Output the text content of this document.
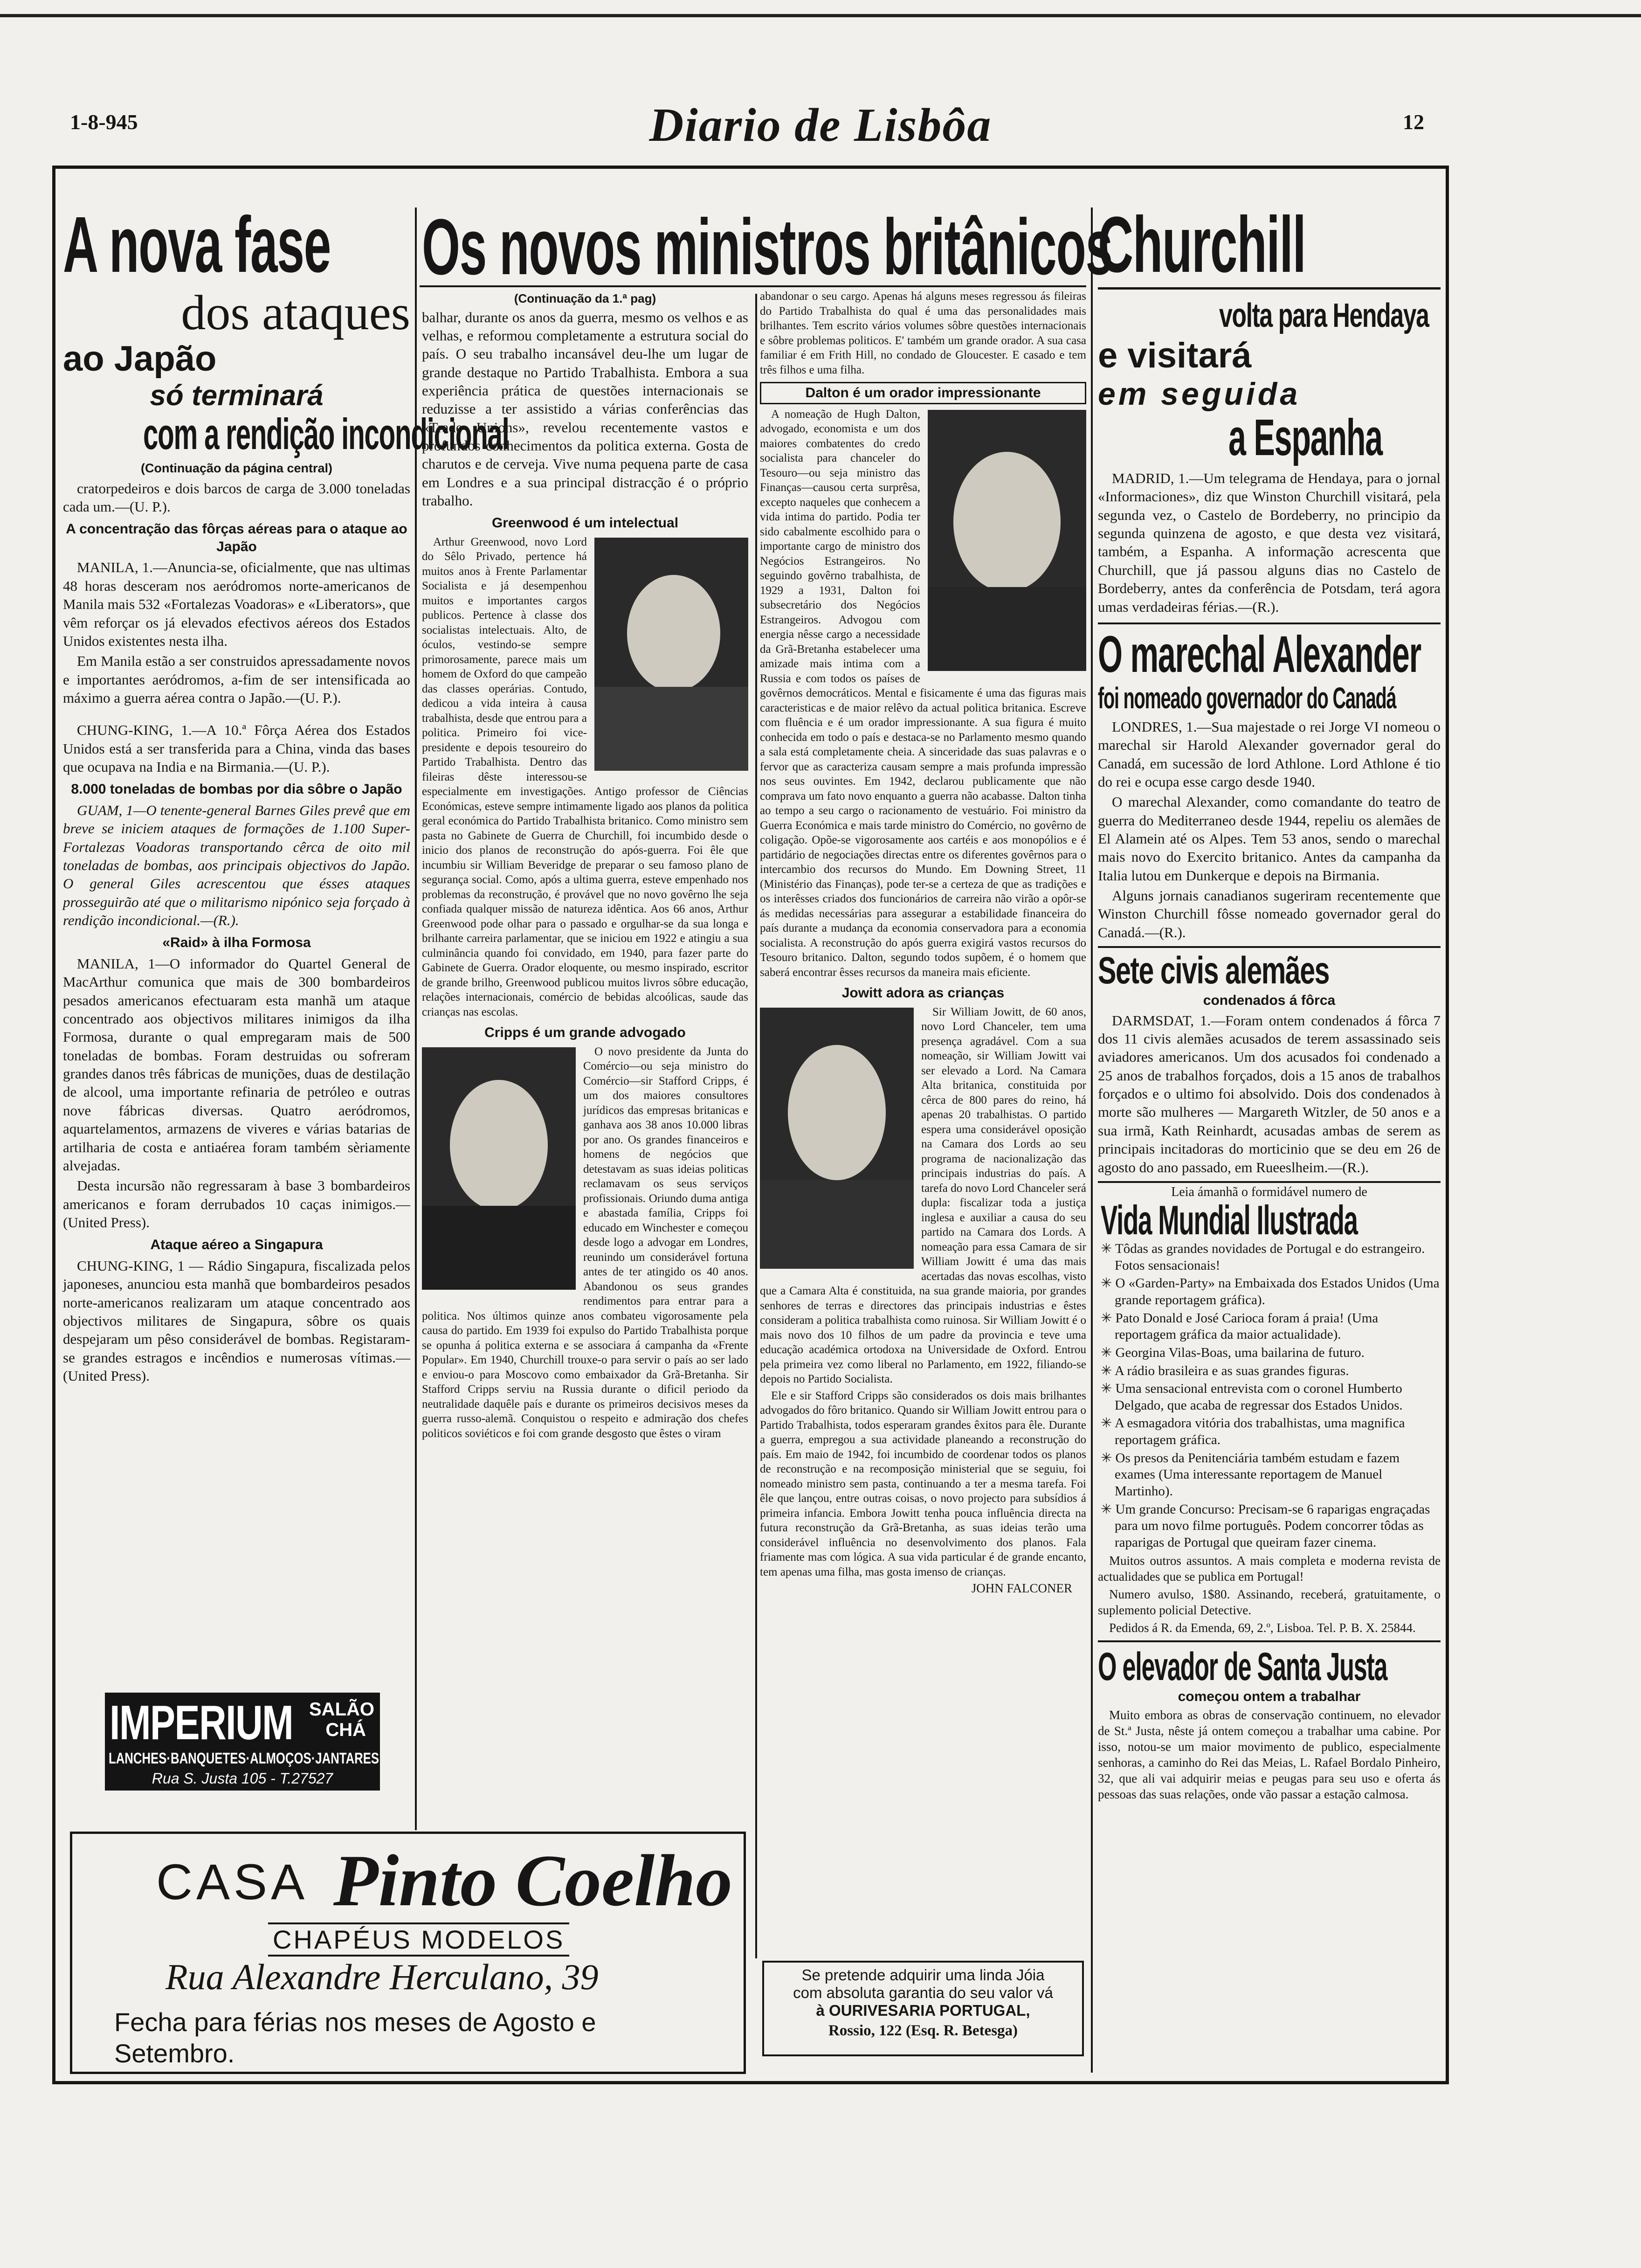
1-8-945	Diario de Lisbôa	12
A nova fase
dos ataques
ao Japão
só terminará
com a rendição incondicional
(Continuação da página central)

cratorpedeiros e dois barcos de carga de 3.000 toneladas cada um.—(U. P.).

A concentração das fôrças aéreas para o ataque ao Japão

MANILA, 1.—Anuncia-se, oficialmente, que nas ultimas 48 horas desceram nos aeródromos norte-americanos de Manila mais 532 «Fortalezas Voadoras» e «Liberators», que vêm reforçar os já elevados efectivos aéreos dos Estados Unidos existentes nesta ilha.

Em Manila estão a ser construidos apressadamente novos e importantes aeródromos, a-fim de ser intensificada ao máximo a guerra aérea contra o Japão.—(U. P.).

CHUNG-KING, 1.—A 10.ª Fôrça Aérea dos Estados Unidos está a ser transferida para a China, vinda das bases que ocupava na India e na Birmania.—(U. P.).

8.000 toneladas de bombas por dia sôbre o Japão

GUAM, 1—O tenente-general Barnes Giles prevê que em breve se iniciem ataques de formações de 1.100 Super-Fortalezas Voadoras transportando cêrca de oito mil toneladas de bombas, aos principais objectivos do Japão. O general Giles acrescentou que ésses ataques prosseguirão até que o militarismo nipónico seja forçado à rendição incondicional.—(R.).

«Raid» à ilha Formosa

MANILA, 1—O informador do Quartel General de MacArthur comunica que mais de 300 bombardeiros pesados americanos efectuaram esta manhã um ataque concentrado aos objectivos militares inimigos da ilha Formosa, durante o qual empregaram mais de 500 toneladas de bombas. Foram destruidas ou sofreram grandes danos três fábricas de munições, duas de destilação de alcool, uma importante refinaria de petróleo e outras nove fábricas diversas. Quatro aeródromos, aquartelamentos, armazens de viveres e várias batarias de artilharia de costa e antiaérea foram também sèriamente alvejadas.

Desta incursão não regressaram à base 3 bombardeiros americanos e foram derrubados 10 caças inimigos.—(United Press).

Ataque aéreo a Singapura

CHUNG-KING, 1 — Rádio Singapura, fiscalizada pelos japoneses, anunciou esta manhã que bombardeiros pesados norte-americanos realizaram um ataque concentrado aos objectivos militares de Singapura, sôbre os quais despejaram um pêso considerável de bombas. Registaram-se grandes estragos e incêndios e numerosas vítimas.—(United Press).

IMPERIUM SALÃO
CHÁ
LANCHES·BANQUETES·ALMOÇOS·JANTARES
Rua S. Justa 105 - T.27527
CASA Pinto Coelho
CHAPÉUS MODELOS
Rua Alexandre Herculano, 39
Fecha para férias nos meses de Agosto e Setembro.
Os novos ministros britânicos
(Continuação da 1.ª pag)

balhar, durante os anos da guerra, mesmo os velhos e as velhas, e reformou completamente a estrutura social do país. O seu trabalho incansável deu-lhe um lugar de grande destaque no Partido Trabalhista. Embora a sua experiência prática de questões internacionais se reduzisse a ter assistido a várias conferências das «Trade Unions», revelou recentemente vastos e profundos conhecimentos da politica externa. Gosta de charutos e de cerveja. Vive numa pequena parte de casa em Londres e a sua principal distracção é o próprio trabalho.

Greenwood é um intelectual

Arthur Greenwood, novo Lord do Sêlo Privado, pertence há muitos anos à Frente Parlamentar Socialista e já desempenhou muitos e importantes cargos publicos. Pertence à classe dos socialistas intelectuais. Alto, de óculos, vestindo-se sempre primorosamente, parece mais um homem de Oxford do que campeão das classes operárias. Contudo, dedicou a vida inteira à causa trabalhista, desde que entrou para a politica. Primeiro foi vice-presidente e depois tesoureiro do Partido Trabalhista. Dentro das fileiras dêste interessou-se especialmente em investigações. Antigo professor de Ciências Económicas, esteve sempre intimamente ligado aos planos da politica geral económica do Partido Trabalhista britanico. Como ministro sem pasta no Gabinete de Guerra de Churchill, foi incumbido desde o inicio dos planos de reconstrução do após-guerra. Foi êle que incumbiu sir William Beveridge de preparar o seu famoso plano de segurança social. Como, após a ultima guerra, esteve empenhado nos problemas da reconstrução, é provável que no novo govêrno lhe seja confiada qualquer missão de natureza idêntica. Aos 66 anos, Arthur Greenwood pode olhar para o passado e orgulhar-se da sua longa e brilhante carreira parlamentar, que se iniciou em 1922 e atingiu a sua culminância quando foi convidado, em 1940, para fazer parte do Gabinete de Guerra. Orador eloquente, ou mesmo inspirado, escritor de grande brilho, Greenwood publicou muitos livros sôbre educação, relações internacionais, comércio de bebidas alcoólicas, saude das crianças nas escolas.

Cripps é um grande advogado

O novo presidente da Junta do Comércio—ou seja ministro do Comércio—sir Stafford Cripps, é um dos maiores consultores jurídicos das empresas britanicas e ganhava aos 38 anos 10.000 libras por ano. Os grandes financeiros e homens de negócios que detestavam as suas ideias politicas reclamavam os seus serviços profissionais. Oriundo duma antiga e abastada família, Cripps foi educado em Winchester e começou desde logo a advogar em Londres, reunindo um considerável fortuna antes de ter atingido os 40 anos. Abandonou os seus grandes rendimentos para entrar para a politica. Nos últimos quinze anos combateu vigorosamente pela causa do partido. Em 1939 foi expulso do Partido Trabalhista porque se opunha á politica externa e se associara á campanha da «Frente Popular». Em 1940, Churchill trouxe-o para servir o país ao ser lado e enviou-o para Moscovo como embaixador da Grã-Bretanha. Sir Stafford Cripps serviu na Russia durante o dificil periodo da neutralidade daquêle país e durante os primeiros decisivos meses da guerra russo-alemã. Conquistou o respeito e admiração dos chefes politicos soviéticos e foi com grande desgosto que êstes o viram

abandonar o seu cargo. Apenas há alguns meses regressou ás fileiras do Partido Trabalhista do qual é uma das personalidades mais brilhantes. Tem escrito vários volumes sôbre questões internacionais e sôbre problemas politicos. E' também um grande orador. A sua casa familiar é em Frith Hill, no condado de Gloucester. E casado e tem três filhos e uma filha.

Dalton é um orador impressionante

A nomeação de Hugh Dalton, advogado, economista e um dos maiores combatentes do credo socialista para chanceler do Tesouro—ou seja ministro das Finanças—causou certa surprêsa, excepto naqueles que conhecem a vida intima do partido. Podia ter sido cabalmente escolhido para o importante cargo de ministro dos Negócios Estrangeiros. No seguindo govêrno trabalhista, de 1929 a 1931, Dalton foi subsecretário dos Negócios Estrangeiros. Advogou com energia nêsse cargo a necessidade da Grã-Bretanha estabelecer uma amizade mais intima com a Russia e com todos os países de govêrnos democráticos. Mental e fisicamente é uma das figuras mais caracteristicas e de maior relêvo da actual politica britanica. Escreve com fluência e é um orador impressionante. A sua figura é muito conhecida em todo o país e destaca-se no Parlamento mesmo quando a sala está completamente cheia. A sinceridade das suas palavras e o fervor que as caracteriza causam sempre a mais profunda impressão nos seus ouvintes. Em 1942, declarou publicamente que não comprava um fato novo enquanto a guerra não acabasse. Dalton tinha ao tempo a seu cargo o racionamento de vestuário. Foi ministro da Guerra Económica e mais tarde ministro do Comércio, no govêrno de coligação. Opõe-se vigorosamente aos cartéis e aos monopólios e é partidário de negociações directas entre os diferentes govêrnos para o intercambio dos recursos do Mundo. Em Downing Street, 11 (Ministério das Finanças), pode ter-se a certeza de que as tradições e os interêsses criados dos funcionários de carreira não virão a opôr-se ás medidas necessárias para assegurar a estabilidade financeira do país durante a mudança da economia conservadora para a economia socialista. A reconstrução do após guerra exigirá vastos recursos do Tesouro britanico. Dalton, segundo todos supõem, é o homem que saberá encontrar êsses recursos da maneira mais eficiente.

Jowitt adora as crianças

Sir William Jowitt, de 60 anos, novo Lord Chanceler, tem uma presença agradável. Com a sua nomeação, sir William Jowitt vai ser elevado a Lord. Na Camara Alta britanica, constituida por cêrca de 800 pares do reino, há apenas 20 trabalhistas. O partido espera uma considerável oposição na Camara dos Lords ao seu programa de nacionalização das principais industrias do país. A tarefa do novo Lord Chanceler será dupla: fiscalizar toda a justiça inglesa e auxiliar a causa do seu partido na Camara dos Lords. A nomeação para essa Camara de sir William Jowitt é uma das mais acertadas das novas escolhas, visto que a Camara Alta é constituida, na sua grande maioria, por grandes senhores de terras e directores das principais industrias e êstes consideram a politica trabalhista como ruinosa. Sir William Jowitt é o mais novo dos 10 filhos de um padre da provincia e teve uma educação académica ortodoxa na Universidade de Oxford. Entrou pela primeira vez como liberal no Parlamento, em 1922, filiando-se depois no Partido Socialista.

Ele e sir Stafford Cripps são considerados os dois mais brilhantes advogados do fôro britanico. Quando sir William Jowitt entrou para o Partido Trabalhista, todos esperaram grandes êxitos para êle. Durante a guerra, empregou a sua actividade planeando a reconstrução do país. Em maio de 1942, foi incumbido de coordenar todos os planos de reconstrução e na recomposição ministerial que se seguiu, foi nomeado ministro sem pasta, continuando a ter a mesma tarefa. Foi êle que lançou, entre outras coisas, o novo projecto para subsídios á primeira infancia. Embora Jowitt tenha pouca influência directa na futura reconstrução da Grã-Bretanha, as suas ideias terão uma considerável influência no desenvolvimento dos planos. Fala friamente mas com lógica. A sua vida particular é de grande encanto, tem apenas uma filha, mas gosta imenso de crianças.

JOHN FALCONER
Se pretende adquirir uma linda Jóia
com absoluta garantia do seu valor vá
à OURIVESARIA PORTUGAL,
Rossio, 122 (Esq. R. Betesga)
Churchill
volta para Hendaya
e visitará
em seguida
a Espanha

MADRID, 1.—Um telegrama de Hendaya, para o jornal «Informaciones», diz que Winston Churchill visitará, pela segunda vez, o Castelo de Bordeberry, no principio da segunda quinzena de agosto, e que desta vez visitará, também, a Espanha. A informação acrescenta que Churchill, que já passou alguns dias no Castelo de Bordeberry, antes da conferência de Potsdam, terá agora umas verdadeiras férias.—(R.).

O marechal Alexander
foi nomeado governador do Canadá

LONDRES, 1.—Sua majestade o rei Jorge VI nomeou o marechal sir Harold Alexander governador geral do Canadá, em sucessão de lord Athlone. Lord Athlone é tio do rei e ocupa esse cargo desde 1940.

O marechal Alexander, como comandante do teatro de guerra do Mediterraneo desde 1944, repeliu os alemães de El Alamein até os Alpes. Tem 53 anos, sendo o marechal mais novo do Exercito britanico. Antes da campanha da Italia lutou em Dunkerque e depois na Birmania.

Alguns jornais canadianos sugeriram recentemente que Winston Churchill fôsse nomeado governador geral do Canadá.—(R.).

Sete civis alemães
condenados á fôrca

DARMSDAT, 1.—Foram ontem condenados á fôrca 7 dos 11 civis alemães acusados de terem assassinado seis aviadores americanos. Um dos acusados foi condenado a 25 anos de trabalhos forçados, dois a 15 anos de trabalhos forçados e o ultimo foi absolvido. Dois dos condenados à morte são mulheres — Margareth Witzler, de 50 anos e a sua irmã, Kath Reinhardt, acusadas ambas de serem as principais incitadoras do morticinio que se deu em 26 de agosto do ano passado, em Rueeslheim.—(R.).

Leia ámanhã o formidável numero de
Vida Mundial Ilustrada
✳ Tôdas as grandes novidades de Portugal e do estrangeiro. Fotos sensacionais!
✳ O «Garden-Party» na Embaixada dos Estados Unidos (Uma grande reportagem gráfica).
✳ Pato Donald e José Carioca foram á praia! (Uma reportagem gráfica da maior actualidade).
✳ Georgina Vilas-Boas, uma bailarina de futuro.
✳ A rádio brasileira e as suas grandes figuras.
✳ Uma sensacional entrevista com o coronel Humberto Delgado, que acaba de regressar dos Estados Unidos.
✳ A esmagadora vitória dos trabalhistas, uma magnifica reportagem gráfica.
✳ Os presos da Penitenciária também estudam e fazem exames (Uma interessante reportagem de Manuel Martinho).
✳ Um grande Concurso: Precisam-se 6 raparigas engraçadas para um novo filme português. Podem concorrer tôdas as raparigas de Portugal que queiram fazer cinema.

Muitos outros assuntos. A mais completa e moderna revista de actualidades que se publica em Portugal!

Numero avulso, 1$80. Assinando, receberá, gratuitamente, o suplemento policial Detective.

Pedidos á R. da Emenda, 69, 2.º, Lisboa. Tel. P. B. X. 25844.

O elevador de Santa Justa
começou ontem a trabalhar

Muito embora as obras de conservação continuem, no elevador de St.ª Justa, nêste já ontem começou a trabalhar uma cabine. Por isso, notou-se um maior movimento de publico, especialmente senhoras, a caminho do Rei das Meias, L. Rafael Bordalo Pinheiro, 32, que ali vai adquirir meias e peugas para seu uso e oferta ás pessoas das suas relações, onde vão passar a estação calmosa.
